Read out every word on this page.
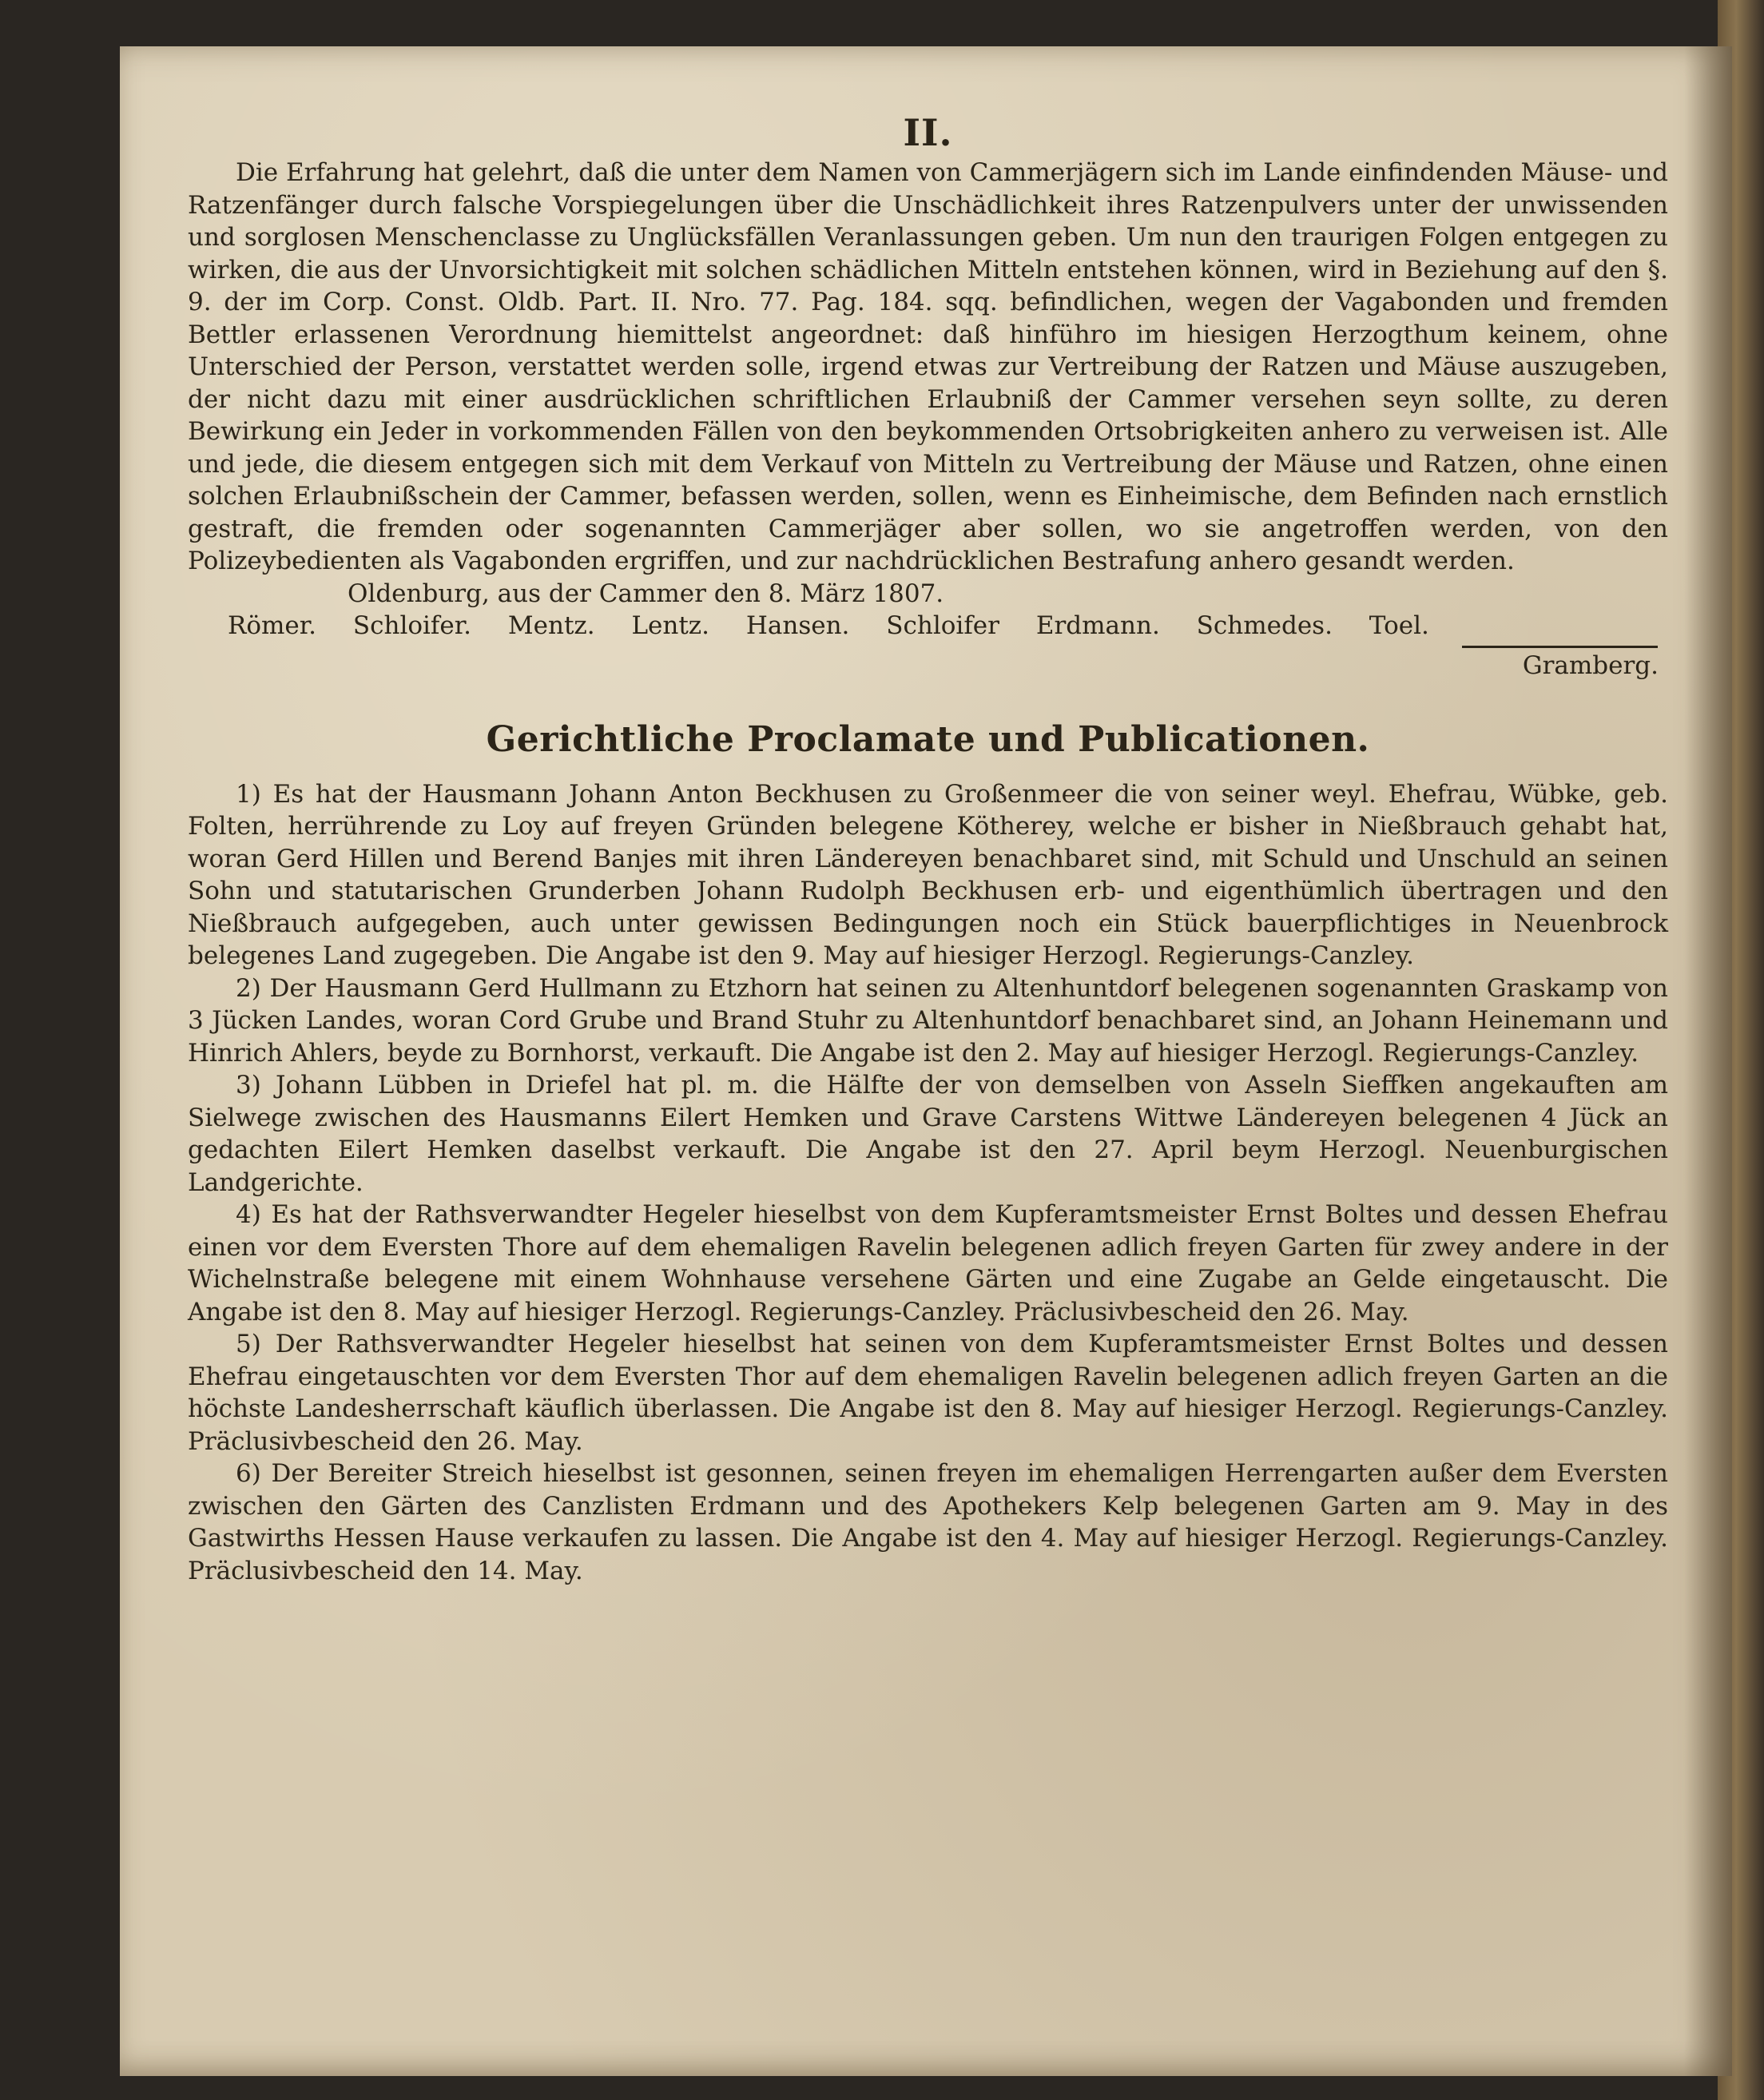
II.

Die Erfahrung hat gelehrt, daß die unter dem Namen von Cammerjägern sich im Lande einfindenden Mäuse- und Ratzenfänger durch falsche Vorspiegelungen über die Unschädlichkeit ihres Ratzenpulvers unter der unwissenden und sorglosen Menschenclasse zu Unglücksfällen Veranlassungen geben. Um nun den traurigen Folgen entgegen zu wirken, die aus der Unvorsichtigkeit mit solchen schädlichen Mitteln entstehen können, wird in Beziehung auf den §. 9. der im Corp. Const. Oldb. Part. II. Nro. 77. Pag. 184. sqq. befindlichen, wegen der Vagabonden und fremden Bettler erlassenen Verordnung hiemittelst angeordnet: daß hinführo im hiesigen Herzogthum keinem, ohne Unterschied der Person, verstattet werden solle, irgend etwas zur Vertreibung der Ratzen und Mäuse auszugeben, der nicht dazu mit einer ausdrücklichen schriftlichen Erlaubniß der Cammer versehen seyn sollte, zu deren Bewirkung ein Jeder in vorkommenden Fällen von den beykommenden Ortsobrigkeiten anhero zu verweisen ist. Alle und jede, die diesem entgegen sich mit dem Verkauf von Mitteln zu Vertreibung der Mäuse und Ratzen, ohne einen solchen Erlaubnißschein der Cammer, befassen werden, sollen, wenn es Einheimische, dem Befinden nach ernstlich gestraft, die fremden oder sogenannten Cammerjäger aber sollen, wo sie angetroffen werden, von den Polizeybedienten als Vagabonden ergriffen, und zur nachdrücklichen Bestrafung anhero gesandt werden.

Oldenburg, aus der Cammer den 8. März 1807.
Römer. Schloifer. Mentz. Lentz. Hansen. Schloifer Erdmann. Schmedes. Toel.
Gramberg.
Gerichtliche Proclamate und Publicationen.

1) Es hat der Hausmann Johann Anton Beckhusen zu Großenmeer die von seiner weyl. Ehefrau, Wübke, geb. Folten, herrührende zu Loy auf freyen Gründen belegene Kötherey, welche er bisher in Nießbrauch gehabt hat, woran Gerd Hillen und Berend Banjes mit ihren Ländereyen benachbaret sind, mit Schuld und Unschuld an seinen Sohn und statutarischen Grunderben Johann Rudolph Beckhusen erb- und eigenthümlich übertragen und den Nießbrauch aufgegeben, auch unter gewissen Bedingungen noch ein Stück bauerpflichtiges in Neuenbrock belegenes Land zugegeben. Die Angabe ist den 9. May auf hiesiger Herzogl. Regierungs-Canzley.

2) Der Hausmann Gerd Hullmann zu Etzhorn hat seinen zu Altenhuntdorf belegenen sogenannten Graskamp von 3 Jücken Landes, woran Cord Grube und Brand Stuhr zu Altenhuntdorf benachbaret sind, an Johann Heinemann und Hinrich Ahlers, beyde zu Bornhorst, verkauft. Die Angabe ist den 2. May auf hiesiger Herzogl. Regierungs-Canzley.

3) Johann Lübben in Driefel hat pl. m. die Hälfte der von demselben von Asseln Sieffken angekauften am Sielwege zwischen des Hausmanns Eilert Hemken und Grave Carstens Wittwe Ländereyen belegenen 4 Jück an gedachten Eilert Hemken daselbst verkauft. Die Angabe ist den 27. April beym Herzogl. Neuenburgischen Landgerichte.

4) Es hat der Rathsverwandter Hegeler hieselbst von dem Kupferamtsmeister Ernst Boltes und dessen Ehefrau einen vor dem Eversten Thore auf dem ehemaligen Ravelin belegenen adlich freyen Garten für zwey andere in der Wichelnstraße belegene mit einem Wohnhause versehene Gärten und eine Zugabe an Gelde eingetauscht. Die Angabe ist den 8. May auf hiesiger Herzogl. Regierungs-Canzley. Präclusivbescheid den 26. May.

5) Der Rathsverwandter Hegeler hieselbst hat seinen von dem Kupferamtsmeister Ernst Boltes und dessen Ehefrau eingetauschten vor dem Eversten Thor auf dem ehemaligen Ravelin belegenen adlich freyen Garten an die höchste Landesherrschaft käuflich überlassen. Die Angabe ist den 8. May auf hiesiger Herzogl. Regierungs-Canzley. Präclusivbescheid den 26. May.

6) Der Bereiter Streich hieselbst ist gesonnen, seinen freyen im ehemaligen Herrengarten außer dem Eversten zwischen den Gärten des Canzlisten Erdmann und des Apothekers Kelp belegenen Garten am 9. May in des Gastwirths Hessen Hause verkaufen zu lassen. Die Angabe ist den 4. May auf hiesiger Herzogl. Regierungs-Canzley. Präclusivbescheid den 14. May.
